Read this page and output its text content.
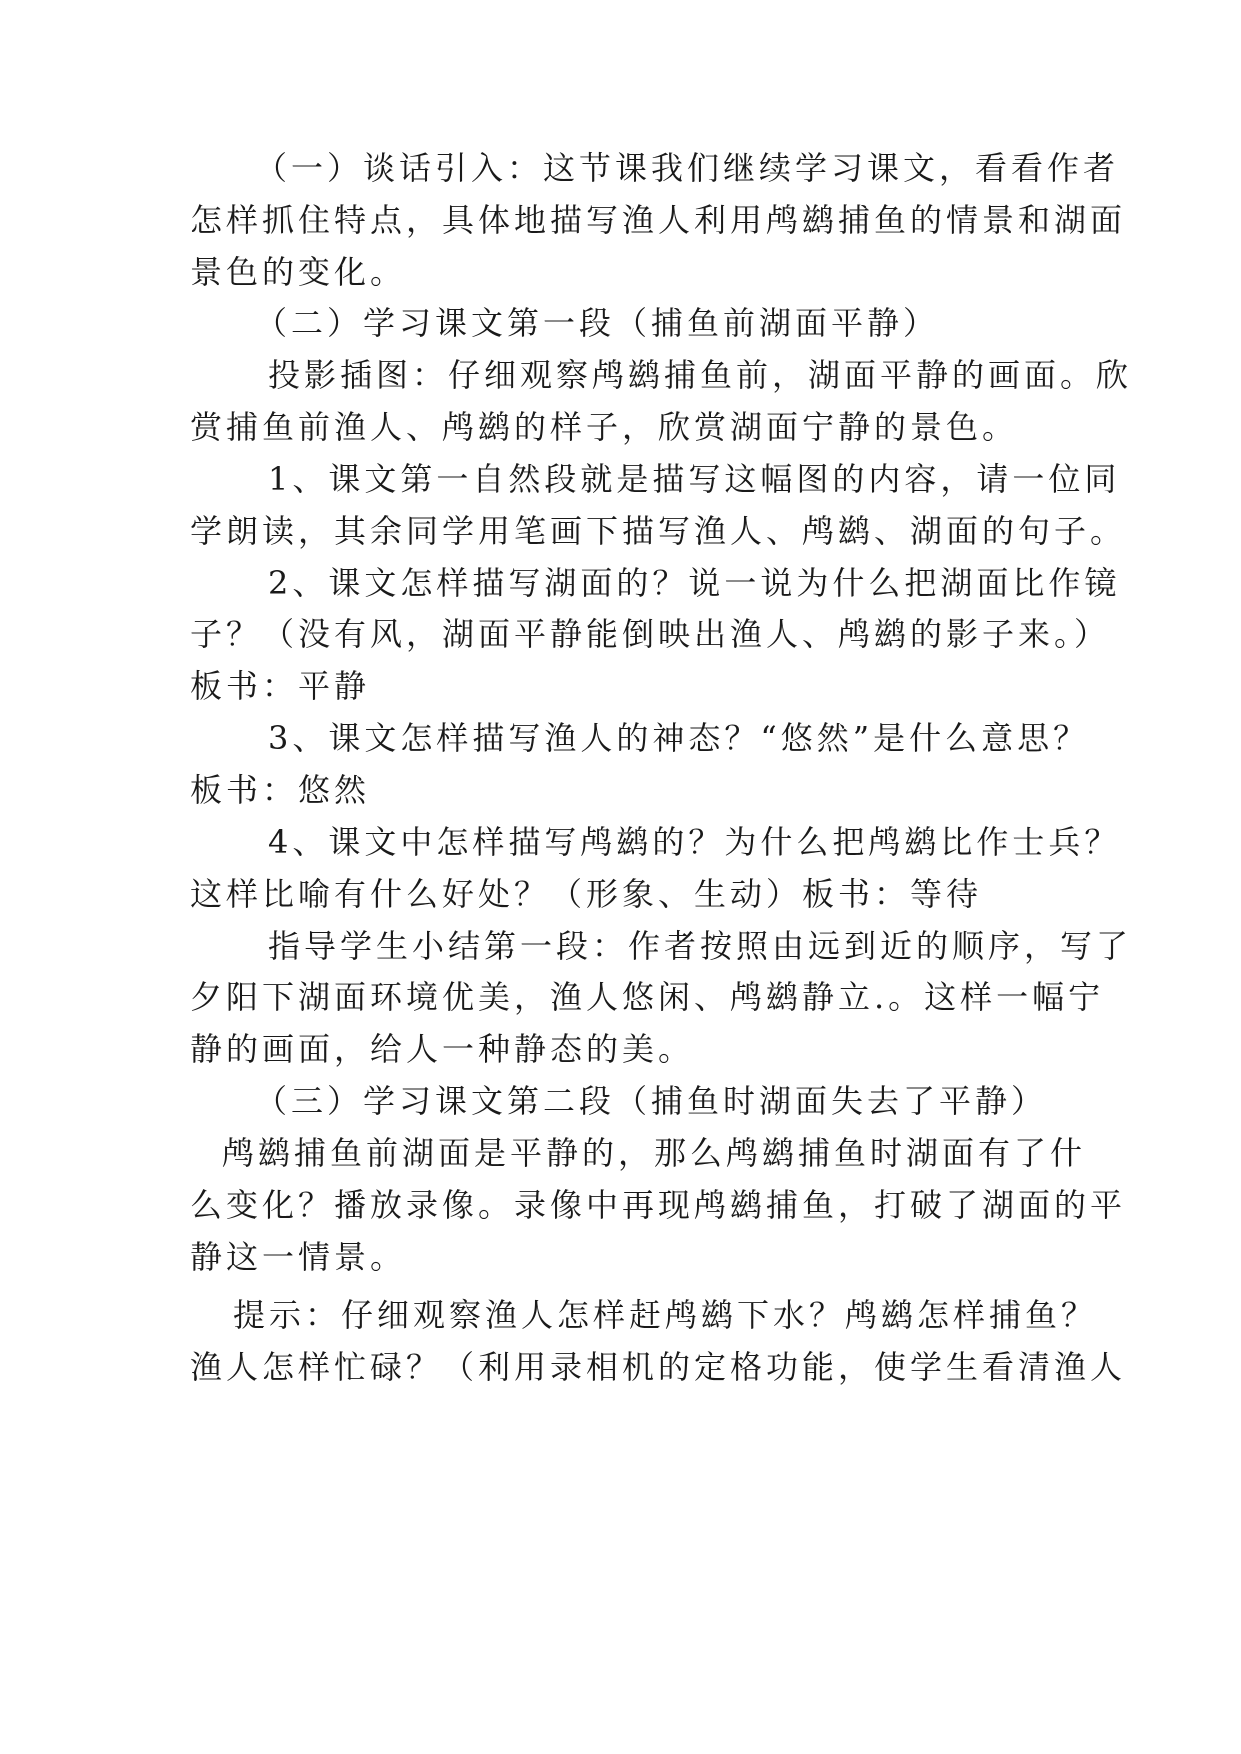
（一）谈话引入：这节课我们继续学习课文，看看作者
怎样抓住特点，具体地描写渔人利用鸬鹚捕鱼的情景和湖面
景色的变化。
（二）学习课文第一段（捕鱼前湖面平静）
投影插图：仔细观察鸬鹚捕鱼前，湖面平静的画面。欣
赏捕鱼前渔人、鸬鹚的样子，欣赏湖面宁静的景色。
1、课文第一自然段就是描写这幅图的内容，请一位同
学朗读，其余同学用笔画下描写渔人、鸬鹚、湖面的句子。
2、课文怎样描写湖面的？说一说为什么把湖面比作镜
子？（没有风，湖面平静能倒映出渔人、鸬鹚的影子来。）
板书：平静
3、课文怎样描写渔人的神态？“悠然”是什么意思？
板书：悠然
4、课文中怎样描写鸬鹚的？为什么把鸬鹚比作士兵？
这样比喻有什么好处？（形象、生动）板书：等待
指导学生小结第一段：作者按照由远到近的顺序，写了
夕阳下湖面环境优美，渔人悠闲、鸬鹚静立.。这样一幅宁
静的画面，给人一种静态的美。
（三）学习课文第二段（捕鱼时湖面失去了平静）
鸬鹚捕鱼前湖面是平静的，那么鸬鹚捕鱼时湖面有了什
么变化？播放录像。录像中再现鸬鹚捕鱼，打破了湖面的平
静这一情景。
提示：仔细观察渔人怎样赶鸬鹚下水？鸬鹚怎样捕鱼？
渔人怎样忙碌？（利用录相机的定格功能，使学生看清渔人
